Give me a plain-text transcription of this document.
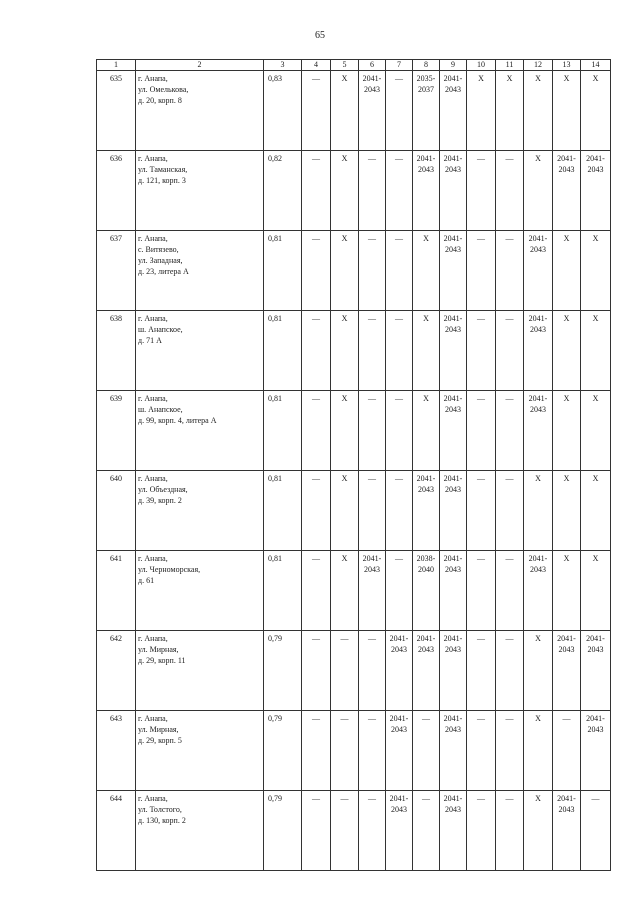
65
1	2	3	4	5	6	7	8	9	10	11	12	13	14
635	г. Анапа,
ул. Омелькова,
д. 20, корп. 8	0,83	—	X	2041-
2043	—	2035-
2037	2041-
2043	X	X	X	X	X

636	г. Анапа,
ул. Таманская,
д. 121, корп. 3	0,82	—	X	—	—	2041-
2043	2041-
2043	—	—	X	2041-
2043	2041-
2043

637	г. Анапа,
с. Витязево,
ул. Западная,
д. 23, литера А	0,81	—	X	—	—	X	2041-
2043	—	—	2041-
2043	X	X

638	г. Анапа,
ш. Анапское,
д. 71 А	0,81	—	X	—	—	X	2041-
2043	—	—	2041-
2043	X	X

639	г. Анапа,
ш. Анапское,
д. 99, корп. 4, литера А	0,81	—	X	—	—	X	2041-
2043	—	—	2041-
2043	X	X

640	г. Анапа,
ул. Объездная,
д. 39, корп. 2	0,81	—	X	—	—	2041-
2043	2041-
2043	—	—	X	X	X

641	г. Анапа,
ул. Черноморская,
д. 61	0,81	—	X	2041-
2043	—	2038-
2040	2041-
2043	—	—	2041-
2043	X	X

642	г. Анапа,
ул. Мирная,
д. 29, корп. 11	0,79	—	—	—	2041-
2043	2041-
2043	2041-
2043	—	—	X	2041-
2043	2041-
2043

643	г. Анапа,
ул. Мирная,
д. 29, корп. 5	0,79	—	—	—	2041-
2043	—	2041-
2043	—	—	X	—	2041-
2043

644	г. Анапа,
ул. Толстого,
д. 130, корп. 2	0,79	—	—	—	2041-
2043	—	2041-
2043	—	—	X	2041-
2043	—
